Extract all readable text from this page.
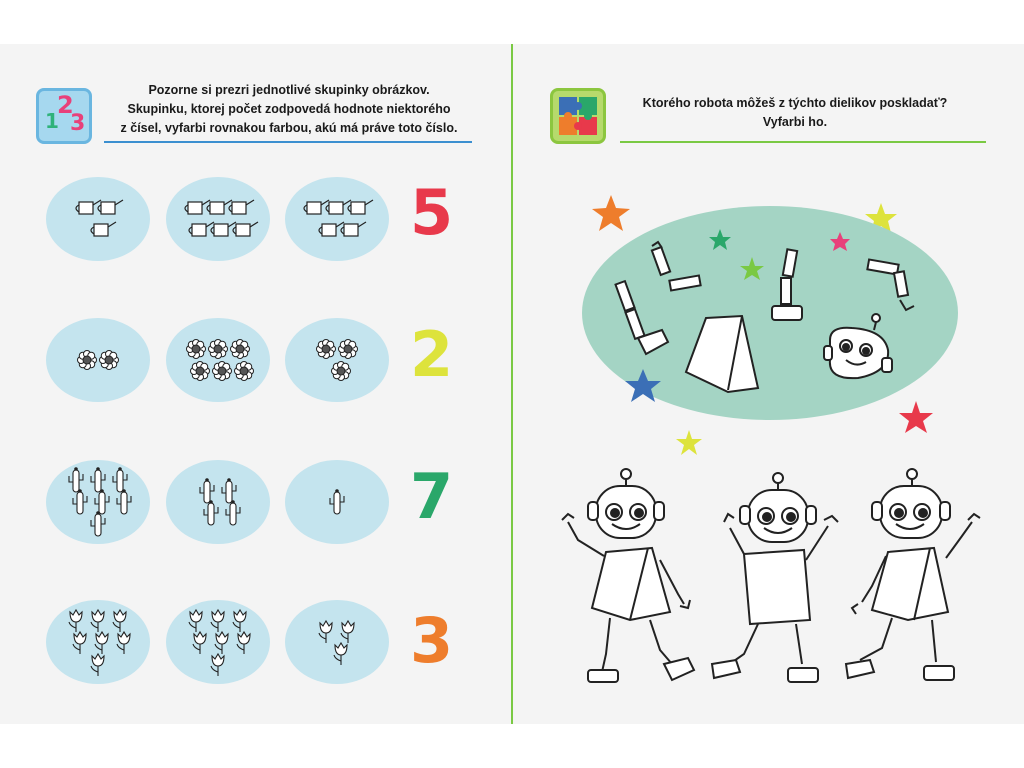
1
2
3
Pozorne si prezri jednotlivé skupinky obrázkov.
Skupinku, ktorej počet zodpovedá hodnote niektorého
z čísel, vyfarbi rovnakou farbou, akú má práve toto číslo.
Ktorého robota môžeš z týchto dielikov poskladať?
Vyfarbi ho.
5
2
7
3
